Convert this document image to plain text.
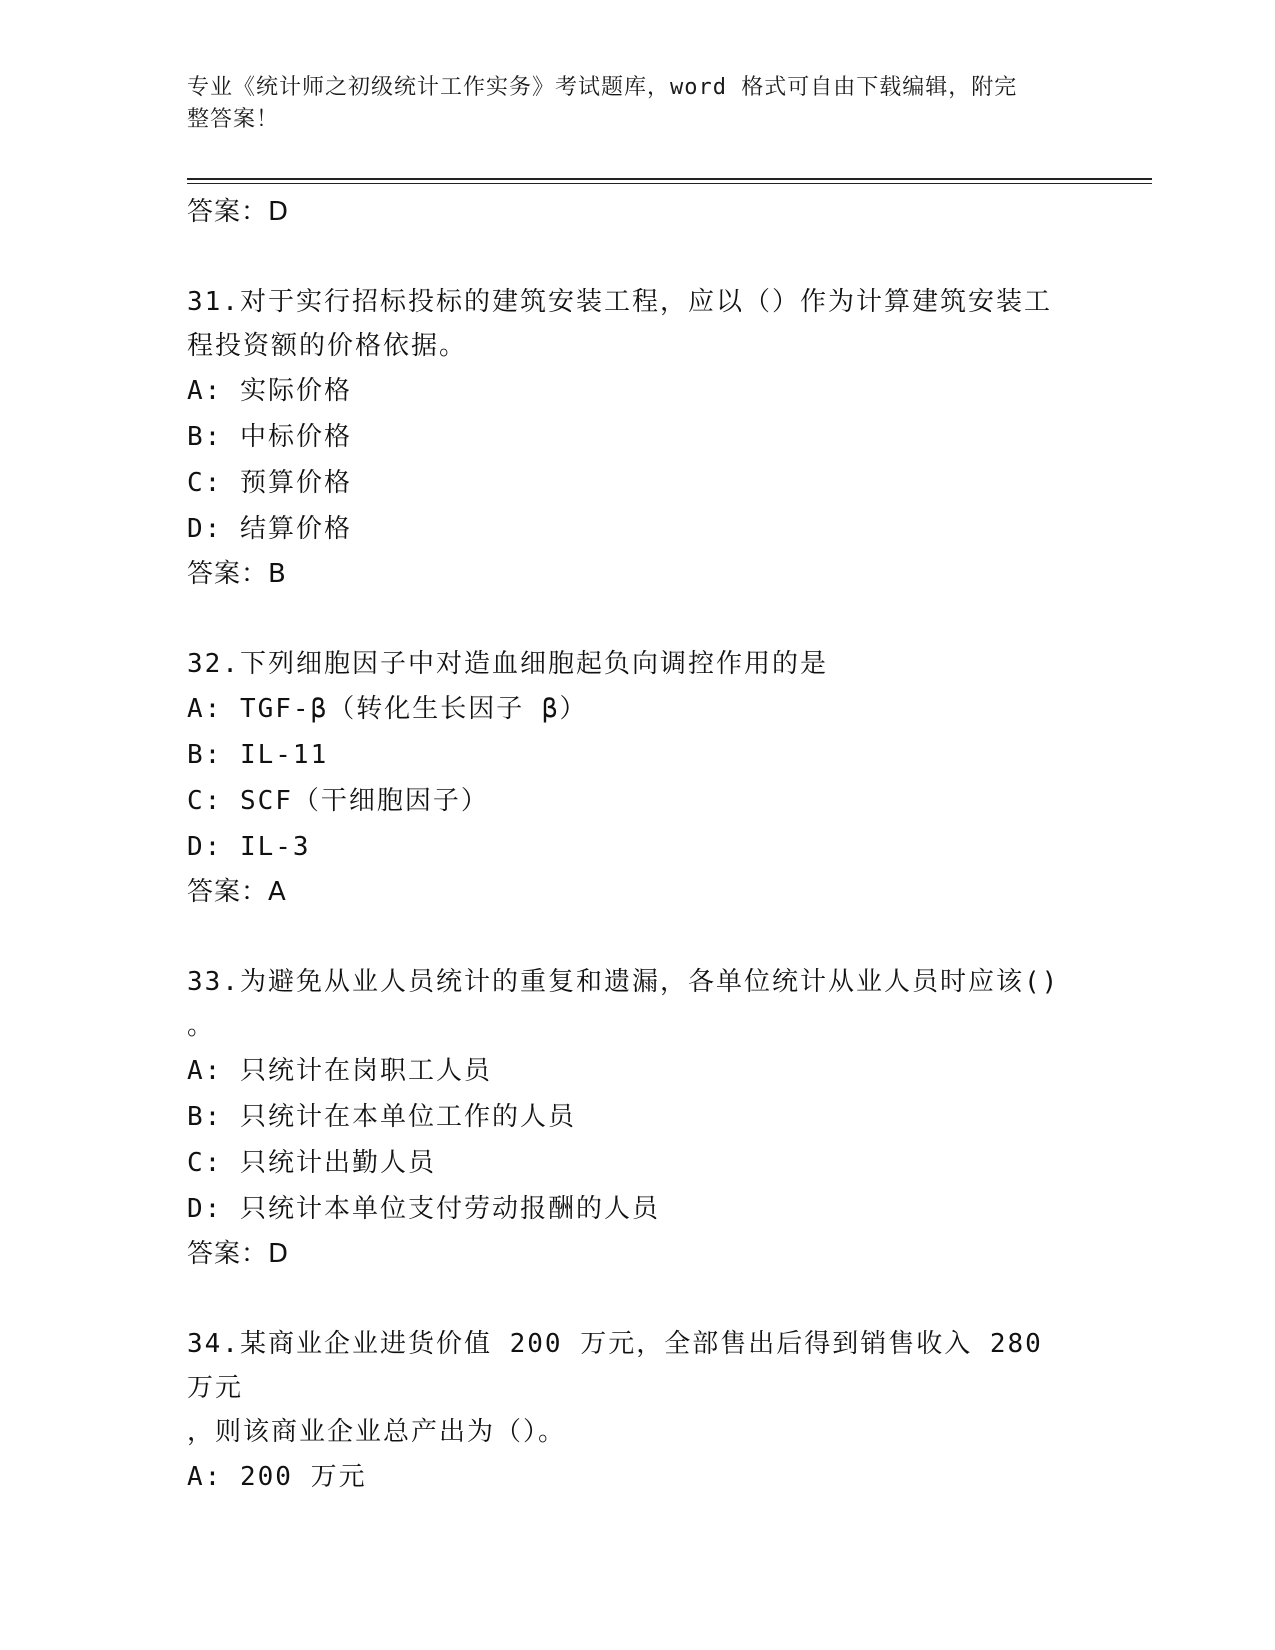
专业《统计师之初级统计工作实务》考试题库，word 格式可自由下载编辑，附完
整答案！

答案：D

31.对于实行招标投标的建筑安装工程，应以（）作为计算建筑安装工

程投资额的价格依据。

A: 实际价格

B: 中标价格

C: 预算价格

D: 结算价格

答案：B

32.下列细胞因子中对造血细胞起负向调控作用的是

A: TGF-β（转化生长因子 β）

B: IL-11

C: SCF（干细胞因子）

D: IL-3

答案：A

33.为避免从业人员统计的重复和遗漏，各单位统计从业人员时应该()

。

A: 只统计在岗职工人员

B: 只统计在本单位工作的人员

C: 只统计出勤人员

D: 只统计本单位支付劳动报酬的人员

答案：D

34.某商业企业进货价值 200 万元，全部售出后得到销售收入 280 万元

，则该商业企业总产出为（）。

A: 200 万元
